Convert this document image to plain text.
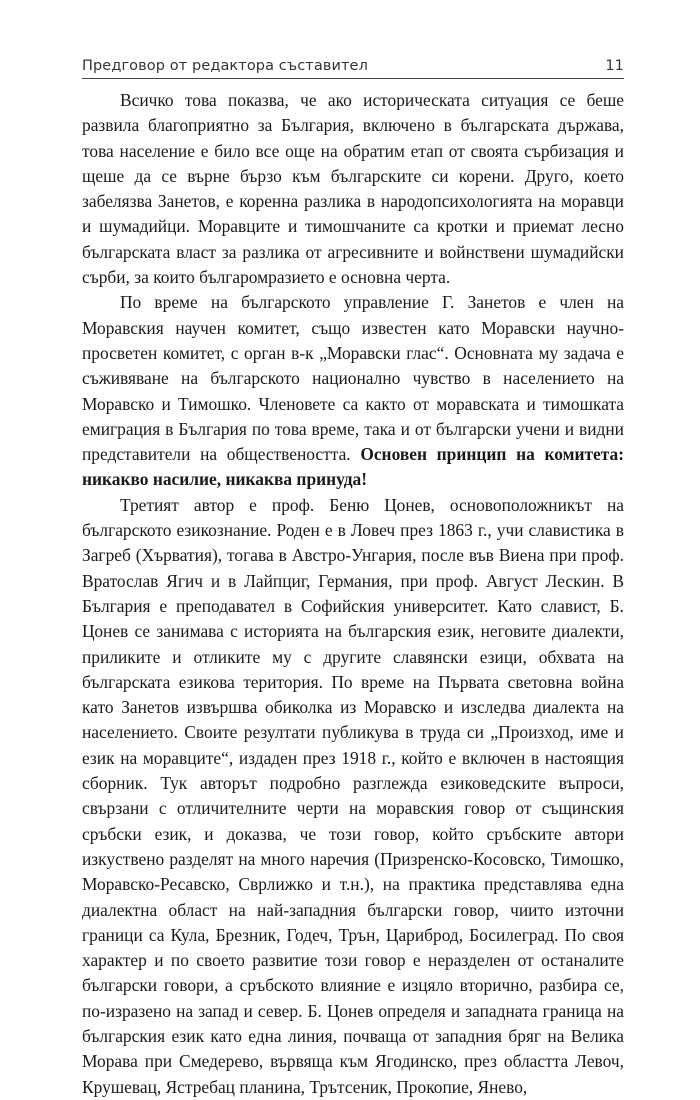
Предговор от редактора съставител	11

Всичко това показва, че ако историческата ситуация се беше развила благоприятно за България, включено в българската държава, това население е било все още на обратим етап от своята сърбизация и щеше да се върне бързо към българските си корени. Друго, което забелязва Занетов, е коренна разлика в народопсихологията на моравци и шумадийци. Моравците и тимошчаните са кротки и приемат лесно българската власт за разлика от агресивните и войнствени шумадийски сърби, за които българомразието е основна черта.

По време на българското управление Г. Занетов е член на Моравския научен комитет, също известен като Моравски научно-просветен комитет, с орган в-к „Моравски глас“. Основната му задача е съживяване на българското национално чувство в населението на Моравско и Тимошко. Членовете са както от моравската и тимошката емиграция в България по това време, така и от български учени и видни представители на обществеността. Основен принцип на комитета: никакво насилие, никаква принуда!

Третият автор е проф. Беню Цонев, основоположникът на българското езикознание. Роден е в Ловеч през 1863 г., учи славистика в Загреб (Хърватия), тогава в Австро-Унгария, после във Виена при проф. Вратослав Ягич и в Лайпциг, Германия, при проф. Август Лескин. В България е преподавател в Софийския университет. Като славист, Б. Цонев се занимава с историята на българския език, неговите диалекти, приликите и отликите му с другите славянски езици, обхвата на българската езикова територия. По време на Първата световна война като Занетов извършва обиколка из Моравско и изследва диалекта на населението. Своите резултати публикува в труда си „Произход, име и език на моравците“, издаден през 1918 г., който е включен в настоящия сборник. Тук авторът подробно разглежда езиковедските въпроси, свързани с отличителните черти на моравския говор от същинския сръбски език, и доказва, че този говор, който сръбските автори изкуствено разделят на много наречия (Призренско-Косовско, Тимошко, Моравско-Ресавско, Сврлижко и т.н.), на практика представлява една диалектна област на най-западния български говор, чиито източни граници са Кула, Брезник, Годеч, Трън, Цариброд, Босилеград. По своя характер и по своето развитие този говор е неразделен от останалите български говори, а сръбското влияние е изцяло вторично, разбира се, по-изразено на запад и север. Б. Цонев определя и западната граница на българския език като една линия, почваща от западния бряг на Велика Морава при Смедерево, вървяща към Ягодинско, през областта Левоч, Крушевац, Ястребац планина, Трътсеник, Прокопие, Янево,
